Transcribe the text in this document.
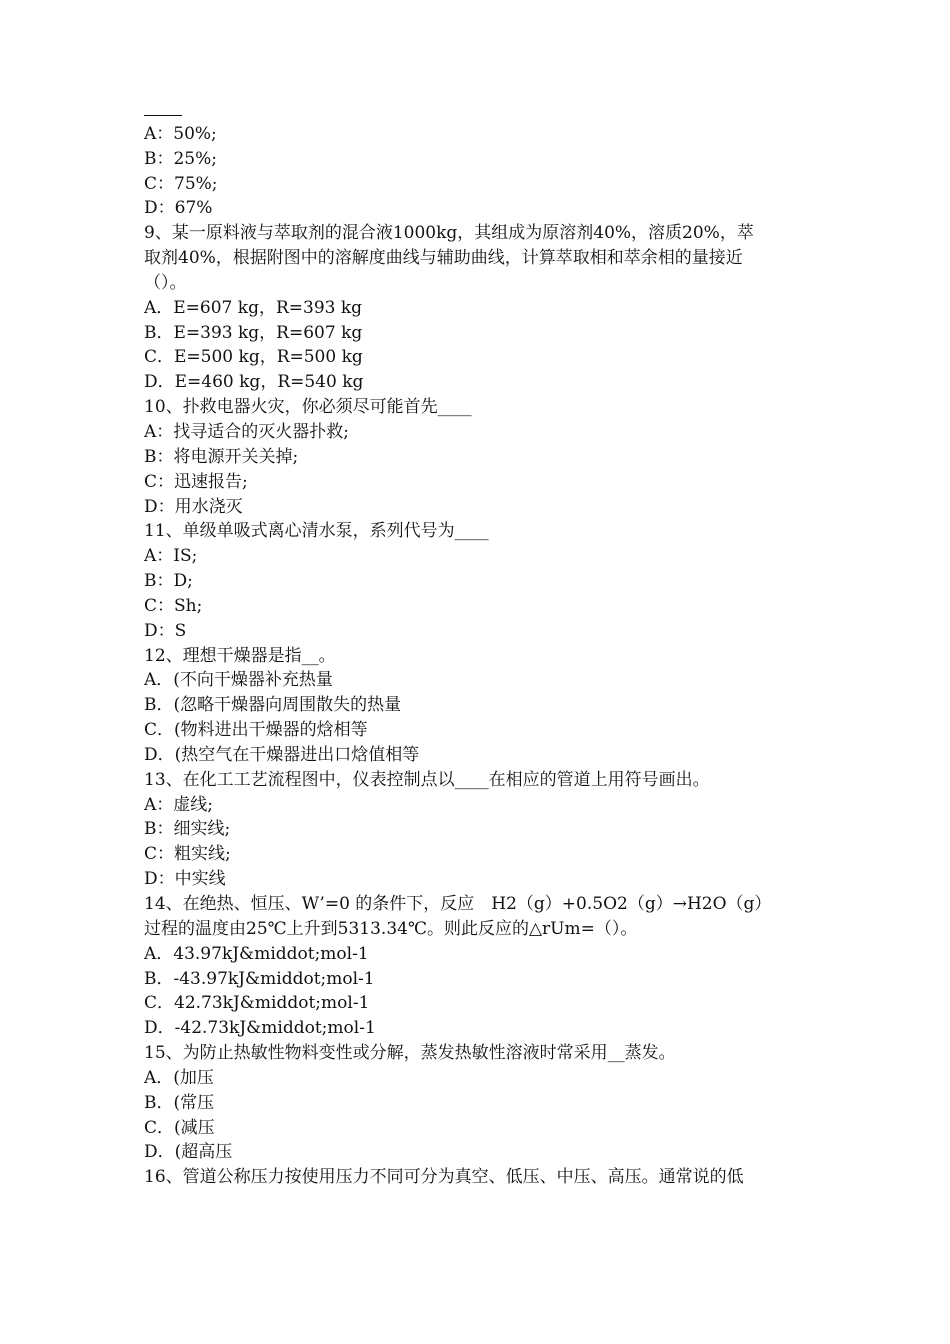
A：50%;
B：25%;
C：75%;
D：67%
9、某一原料液与萃取剂的混合液1000kg，其组成为原溶剂40%，溶质20%，萃
取剂40%，根据附图中的溶解度曲线与辅助曲线，计算萃取相和萃余相的量接近
（）。
A．E=607 kg，R=393 kg
B．E=393 kg，R=607 kg
C．E=500 kg，R=500 kg
D．E=460 kg，R=540 kg
10、扑救电器火灾，你必须尽可能首先____
A：找寻适合的灭火器扑救;
B：将电源开关关掉;
C：迅速报告;
D：用水浇灭
11、单级单吸式离心清水泵，系列代号为____
A：IS;
B：D;
C：Sh;
D：S
12、理想干燥器是指__。
A．(不向干燥器补充热量
B．(忽略干燥器向周围散失的热量
C．(物料进出干燥器的焓相等
D．(热空气在干燥器进出口焓值相等
13、在化工工艺流程图中，仪表控制点以____在相应的管道上用符号画出。
A：虚线;
B：细实线;
C：粗实线;
D：中实线
14、在绝热、恒压、W’=0 的条件下，反应　H2（g）+0.5O2（g）→H2O（g）
过程的温度由25℃上升到5313.34℃。则此反应的△rUm=（）。
A．43.97kJ&middot;mol-1
B．-43.97kJ&middot;mol-1
C．42.73kJ&middot;mol-1
D．-42.73kJ&middot;mol-1
15、为防止热敏性物料变性或分解，蒸发热敏性溶液时常采用__蒸发。
A．(加压
B．(常压
C．(减压
D．(超高压
16、管道公称压力按使用压力不同可分为真空、低压、中压、高压。通常说的低
